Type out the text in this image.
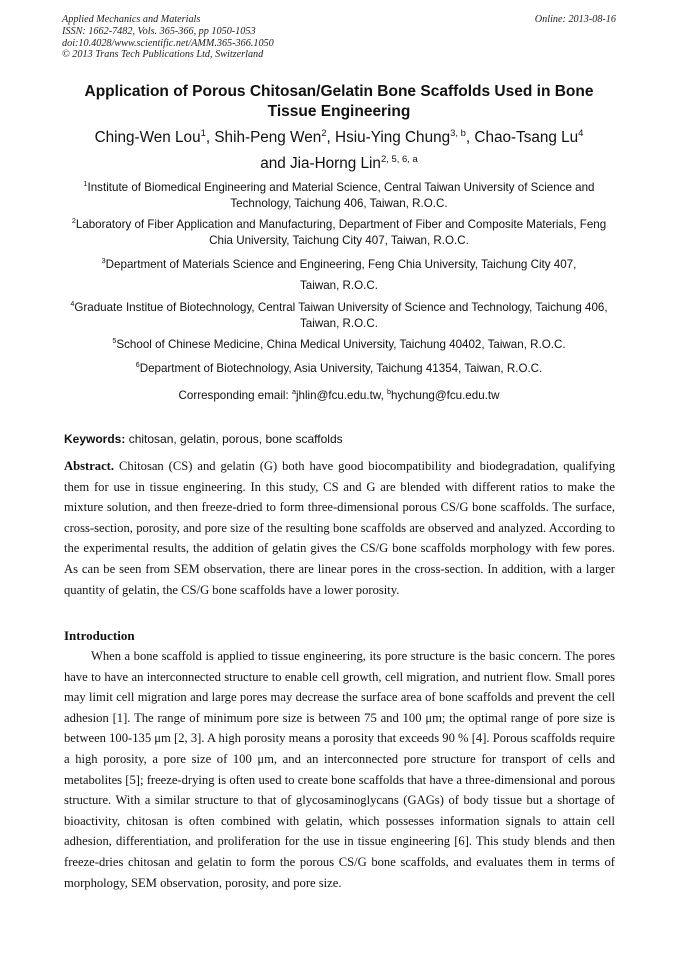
Applied Mechanics and Materials
ISSN: 1662-7482, Vols. 365-366, pp 1050-1053
doi:10.4028/www.scientific.net/AMM.365-366.1050
© 2013 Trans Tech Publications Ltd, Switzerland
Online: 2013-08-16
Application of Porous Chitosan/Gelatin Bone Scaffolds Used in Bone Tissue Engineering
Ching-Wen Lou$^1$, Shih-Peng Wen$^2$, Hsiu-Ying Chung$^{3, b}$, Chao-Tsang Lu$^4$
and Jia-Horng Lin$^{2, 5, 6, a}$
$^1$Institute of Biomedical Engineering and Material Science, Central Taiwan University of Science and Technology, Taichung 406, Taiwan, R.O.C.
$^2$Laboratory of Fiber Application and Manufacturing, Department of Fiber and Composite Materials, Feng Chia University, Taichung City 407, Taiwan, R.O.C.
$^3$Department of Materials Science and Engineering, Feng Chia University, Taichung City 407,
Taiwan, R.O.C.
$^4$Graduate Institue of Biotechnology, Central Taiwan University of Science and Technology, Taichung 406, Taiwan, R.O.C.
$^5$School of Chinese Medicine, China Medical University, Taichung 40402, Taiwan, R.O.C.
$^6$Department of Biotechnology, Asia University, Taichung 41354, Taiwan, R.O.C.
Corresponding email: $^a$jhlin@fcu.edu.tw, $^b$hychung@fcu.edu.tw
Keywords: chitosan, gelatin, porous, bone scaffolds
Abstract. Chitosan (CS) and gelatin (G) both have good biocompatibility and biodegradation, qualifying them for use in tissue engineering. In this study, CS and G are blended with different ratios to make the mixture solution, and then freeze-dried to form three-dimensional porous CS/G bone scaffolds. The surface, cross-section, porosity, and pore size of the resulting bone scaffolds are observed and analyzed. According to the experimental results, the addition of gelatin gives the CS/G bone scaffolds morphology with few pores. As can be seen from SEM observation, there are linear pores in the cross-section. In addition, with a larger quantity of gelatin, the CS/G bone scaffolds have a lower porosity.
Introduction
When a bone scaffold is applied to tissue engineering, its pore structure is the basic concern. The pores have to have an interconnected structure to enable cell growth, cell migration, and nutrient flow. Small pores may limit cell migration and large pores may decrease the surface area of bone scaffolds and prevent the cell adhesion [1]. The range of minimum pore size is between 75 and 100 μm; the optimal range of pore size is between 100-135 μm [2, 3]. A high porosity means a porosity that exceeds 90 % [4]. Porous scaffolds require a high porosity, a pore size of 100 μm, and an interconnected pore structure for transport of cells and metabolites [5]; freeze-drying is often used to create bone scaffolds that have a three-dimensional and porous structure. With a similar structure to that of glycosaminoglycans (GAGs) of body tissue but a shortage of bioactivity, chitosan is often combined with gelatin, which possesses information signals to attain cell adhesion, differentiation, and proliferation for the use in tissue engineering [6]. This study blends and then freeze-dries chitosan and gelatin to form the porous CS/G bone scaffolds, and evaluates them in terms of morphology, SEM observation, porosity, and pore size.
